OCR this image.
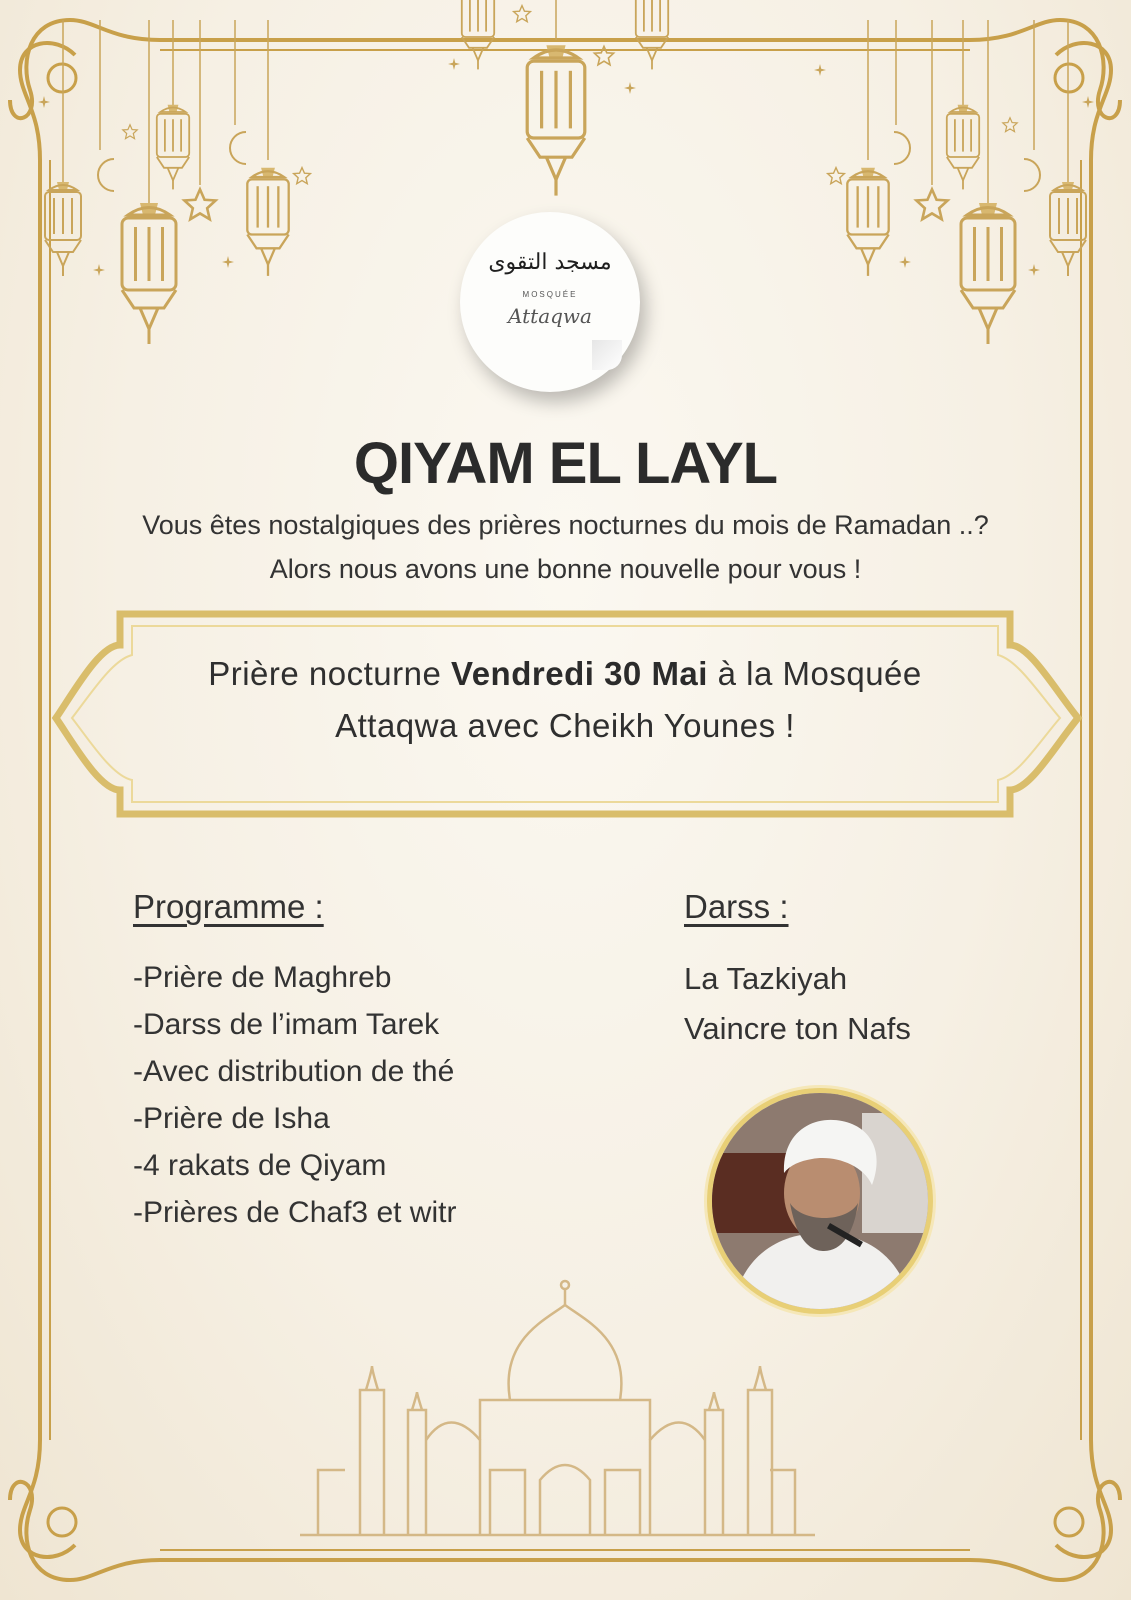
مسجد التقوى
MOSQUÉE
Attaqwa
QIYAM EL LAYL
Vous êtes nostalgiques des prières nocturnes du mois de Ramadan ..?
Alors nous avons une bonne nouvelle pour vous !
Prière nocturne Vendredi 30 Mai à la Mosquée
Attaqwa avec Cheikh Younes !
Programme :
-Prière de Maghreb
-Darss de l’imam Tarek
-Avec distribution de thé
-Prière de Isha
-4 rakats de Qiyam
-Prières de Chaf3 et witr
Darss :
La Tazkiyah
Vaincre ton Nafs
